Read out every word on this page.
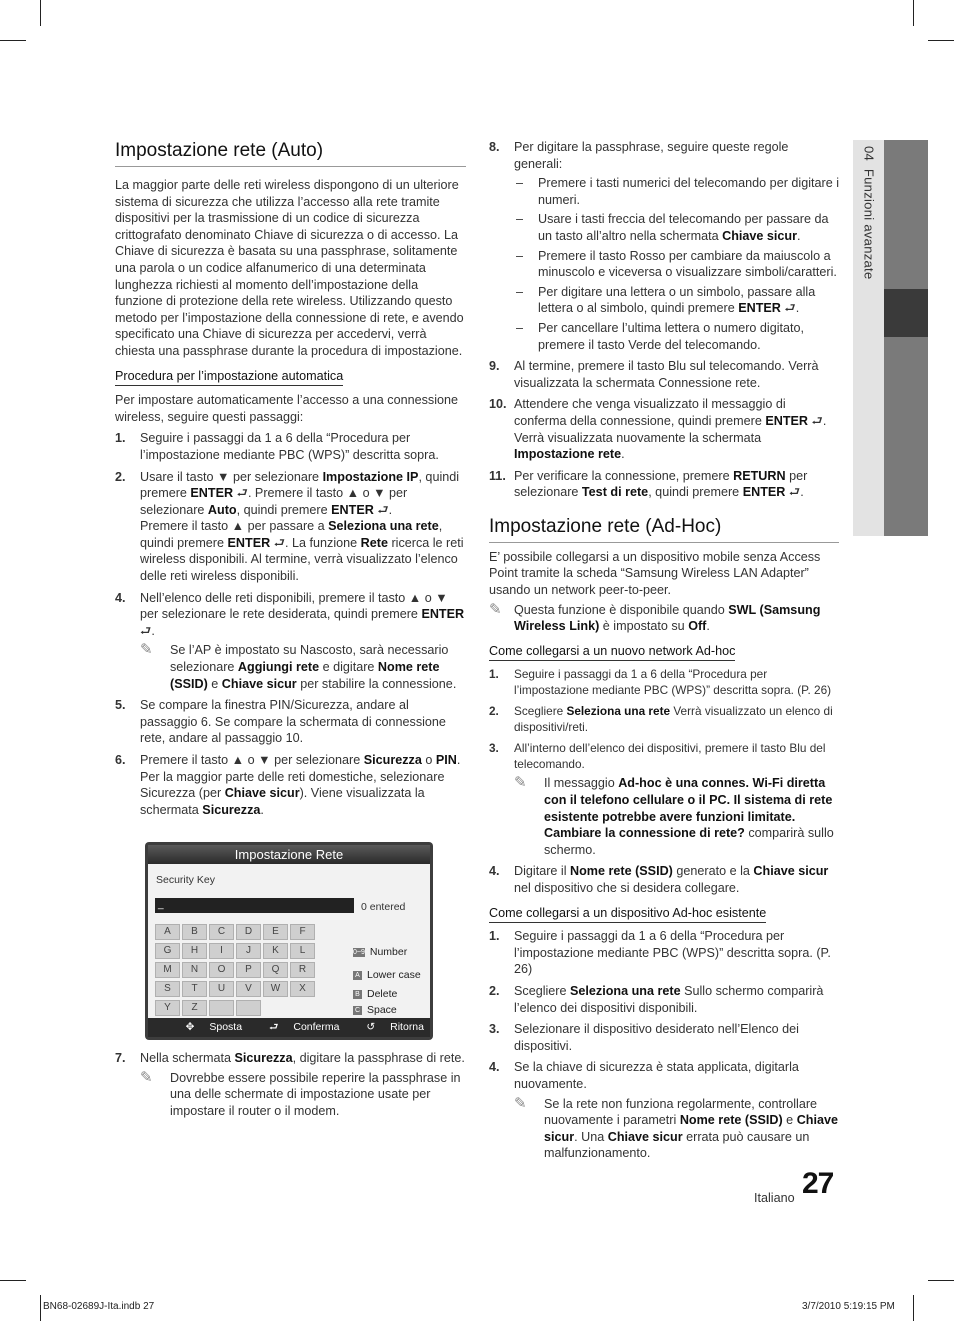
04  Funzioni avanzate
Impostazione rete (Auto)

La maggior parte delle reti wireless dispongono di un ulteriore sistema di sicurezza che utilizza l’accesso alla rete tramite dispositivi per la trasmissione di un codice di sicurezza crittografato denominato Chiave di sicurezza o di accesso. La Chiave di sicurezza è basata su una passphrase, solitamente una parola o un codice alfanumerico di una determinata lunghezza richiesti al momento dell’impostazione della funzione di protezione della rete wireless. Utilizzando questo metodo per l’impostazione della connessione di rete, e avendo specificato una Chiave di sicurezza per accedervi, verrà chiesta una passphrase durante la procedura di impostazione.

Procedura per l’impostazione automatica

Per impostare automaticamente l’accesso a una connessione wireless, seguire questi passaggi:

1. Seguire i passaggi da 1 a 6 della “Procedura per l’impostazione mediante PBC (WPS)” descritta sopra.
2. Usare il tasto ▼ per selezionare Impostazione IP, quindi premere ENTER ⮐. Premere il tasto ▲ o ▼ per selezionare Auto, quindi premere ENTER ⮐.
Premere il tasto ▲ per passare a Seleziona una rete, quindi premere ENTER ⮐. La funzione Rete ricerca le reti wireless disponibili. Al termine, verrà visualizzato l’elenco delle reti wireless disponibili.
4. Nell’elenco delle reti disponibili, premere il tasto ▲ o ▼ per selezionare le rete desiderata, quindi premere ENTER ⮐.
✎ Se l’AP è impostato su Nascosto, sarà necessario selezionare Aggiungi rete e digitare Nome rete (SSID) e Chiave sicur per stabilire la connessione.
5. Se compare la finestra PIN/Sicurezza, andare al passaggio 6. Se compare la schermata di connessione rete, andare al passaggio 10.
6. Premere il tasto ▲ o ▼ per selezionare Sicurezza o PIN. Per la maggior parte delle reti domestiche, selezionare Sicurezza (per Chiave sicur). Viene visualizzata la schermata Sicurezza.
Impostazione Rete
Security Key
_	0 entered
A	B	C	D	E	F
G	H	I	J	K	L
M	N	O	P	Q	R
S	T	U	V	W	X
Y	Z
0~9 Number
A Lower case
B Delete
C Space
✥ Sposta	⮐ Conferma	↺ Ritorna
7. Nella schermata Sicurezza, digitare la passphrase di rete.
✎ Dovrebbe essere possibile reperire la passphrase in una delle schermate di impostazione usate per impostare il router o il modem.
8. Per digitare la passphrase, seguire queste regole generali:
– Premere i tasti numerici del telecomando per digitare i numeri.
– Usare i tasti freccia del telecomando per passare da un tasto all’altro nella schermata Chiave sicur.
– Premere il tasto Rosso per cambiare da maiuscolo a minuscolo e viceversa o visualizzare simboli/caratteri.
– Per digitare una lettera o un simbolo, passare alla lettera o al simbolo, quindi premere ENTER ⮐.
– Per cancellare l’ultima lettera o numero digitato, premere il tasto Verde del telecomando.
9. Al termine, premere il tasto Blu sul telecomando. Verrà visualizzata la schermata Connessione rete.
10. Attendere che venga visualizzato il messaggio di conferma della connessione, quindi premere ENTER ⮐. Verrà visualizzata nuovamente la schermata Impostazione rete.
11. Per verificare la connessione, premere RETURN per selezionare Test di rete, quindi premere ENTER ⮐.
Impostazione rete (Ad-Hoc)

E’ possibile collegarsi a un dispositivo mobile senza Access Point tramite la scheda “Samsung Wireless LAN Adapter” usando un network peer-to-peer.

✎ Questa funzione è disponibile quando SWL (Samsung Wireless Link) è impostato su Off.
Come collegarsi a un nuovo network Ad-hoc
1. Seguire i passaggi da 1 a 6 della “Procedura per l’impostazione mediante PBC (WPS)” descritta sopra. (P. 26)
2. Scegliere Seleziona una rete Verrà visualizzato un elenco di dispositivi/reti.
3. All’interno dell’elenco dei dispositivi, premere il tasto Blu del telecomando.
✎ Il messaggio Ad-hoc è una connes. Wi-Fi diretta con il telefono cellulare o il PC. Il sistema di rete esistente potrebbe avere funzioni limitate. Cambiare la connessione di rete? comparirà sullo schermo.
4. Digitare il Nome rete (SSID) generato e la Chiave sicur nel dispositivo che si desidera collegare.
Come collegarsi a un dispositivo Ad-hoc esistente
1. Seguire i passaggi da 1 a 6 della “Procedura per l’impostazione mediante PBC (WPS)” descritta sopra. (P. 26)
2. Scegliere Seleziona una rete Sullo schermo comparirà l’elenco dei dispositivi disponibili.
3. Selezionare il dispositivo desiderato nell’Elenco dei dispositivi.
4. Se la chiave di sicurezza è stata applicata, digitarla nuovamente.
✎ Se la rete non funziona regolarmente, controllare nuovamente i parametri Nome rete (SSID) e Chiave sicur. Una Chiave sicur errata può causare un malfunzionamento.
Italiano 27
BN68-02689J-Ita.indb 27	3/7/2010 5:19:15 PM
